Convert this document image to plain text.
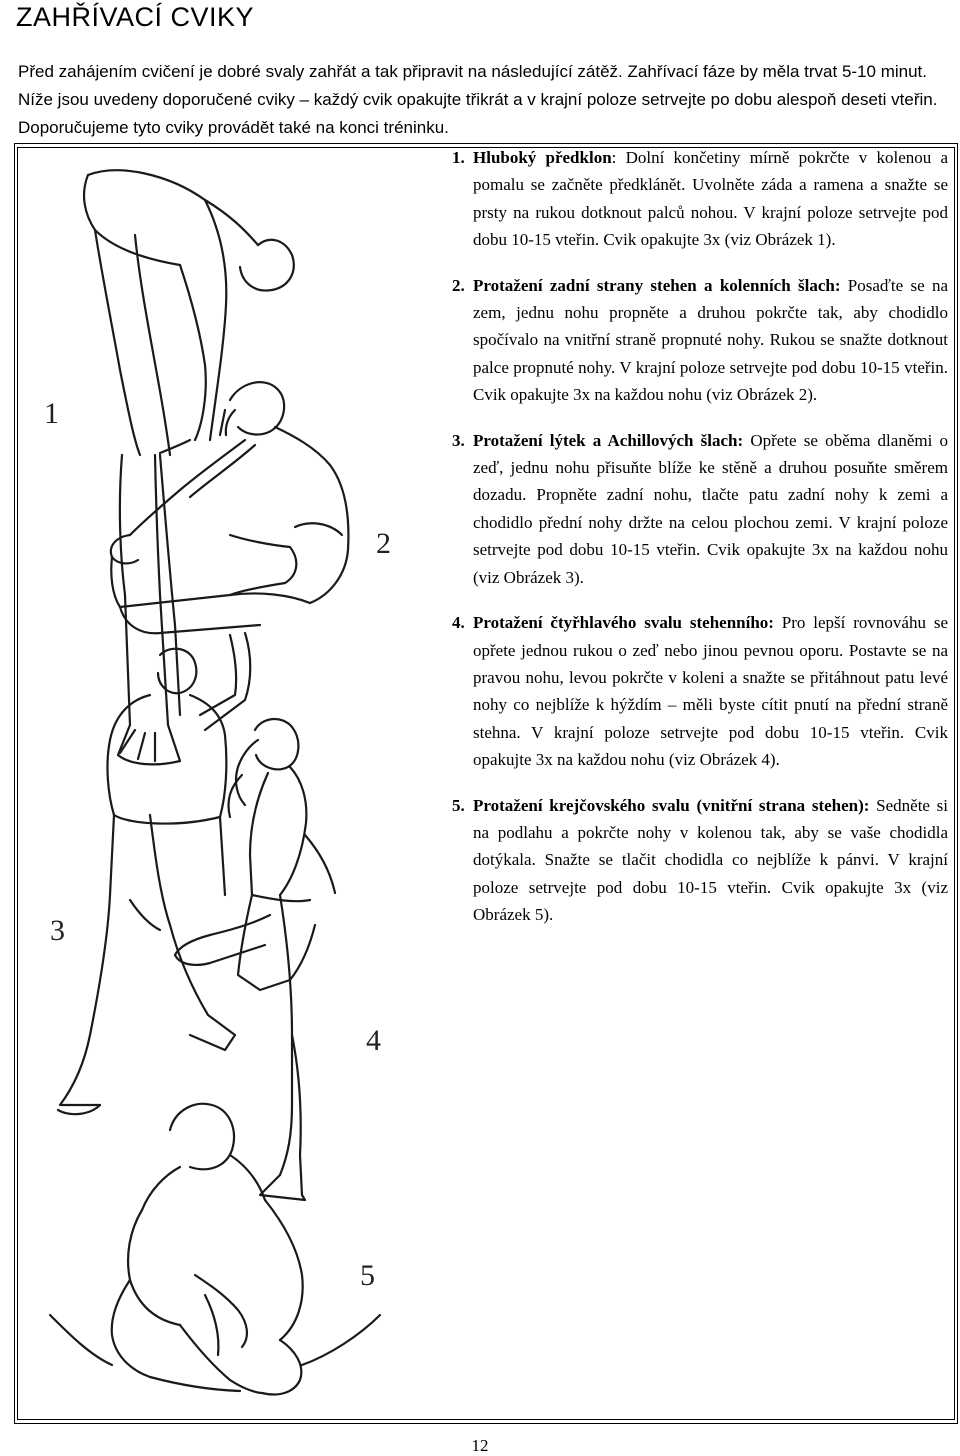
ZAHŘÍVACÍ CVIKY
Před zahájením cvičení je dobré svaly zahřát a tak připravit na následující zátěž. Zahřívací fáze by měla trvat 5-10 minut. Níže jsou uvedeny doporučené cviky – každý cvik opakujte třikrát a v krajní poloze setrvejte po dobu alespoň deseti vteřin. Doporučujeme tyto cviky provádět také na konci tréninku.
1
2
3
4
5
1. Hluboký předklon: Dolní končetiny mírně pokrčte v kolenou a pomalu se začněte předklánět. Uvolněte záda a ramena a snažte se prsty na rukou dotknout palců nohou. V krajní poloze setrvejte pod dobu 10-15 vteřin. Cvik opakujte 3x (viz Obrázek 1).
2. Protažení zadní strany stehen a kolenních šlach: Posaďte se na zem, jednu nohu propněte a druhou pokrčte tak, aby chodidlo spočívalo na vnitřní straně propnuté nohy. Rukou se snažte dotknout palce propnuté nohy. V krajní poloze setrvejte pod dobu 10-15 vteřin. Cvik opakujte 3x na každou nohu (viz Obrázek 2).
3. Protažení lýtek a Achillových šlach: Opřete se oběma dlaněmi o zeď, jednu nohu přisuňte blíže ke stěně a druhou posuňte směrem dozadu. Propněte zadní nohu, tlačte patu zadní nohy k zemi a chodidlo přední nohy držte na celou plochou zemi. V krajní poloze setrvejte pod dobu 10-15 vteřin. Cvik opakujte 3x na každou nohu (viz Obrázek 3).
4. Protažení čtyřhlavého svalu stehenního: Pro lepší rovnováhu se opřete jednou rukou o zeď nebo jinou pevnou oporu. Postavte se na pravou nohu, levou pokrčte v koleni a snažte se přitáhnout patu levé nohy co nejblíže k hýždím – měli byste cítit pnutí na přední straně stehna. V krajní poloze setrvejte pod dobu 10-15 vteřin. Cvik opakujte 3x na každou nohu (viz Obrázek 4).
5. Protažení krejčovského svalu (vnitřní strana stehen): Sedněte si na podlahu a pokrčte nohy v kolenou tak, aby se vaše chodidla dotýkala. Snažte se tlačit chodidla co nejblíže k pánvi. V krajní poloze setrvejte pod dobu 10-15 vteřin. Cvik opakujte 3x (viz Obrázek 5).
12
